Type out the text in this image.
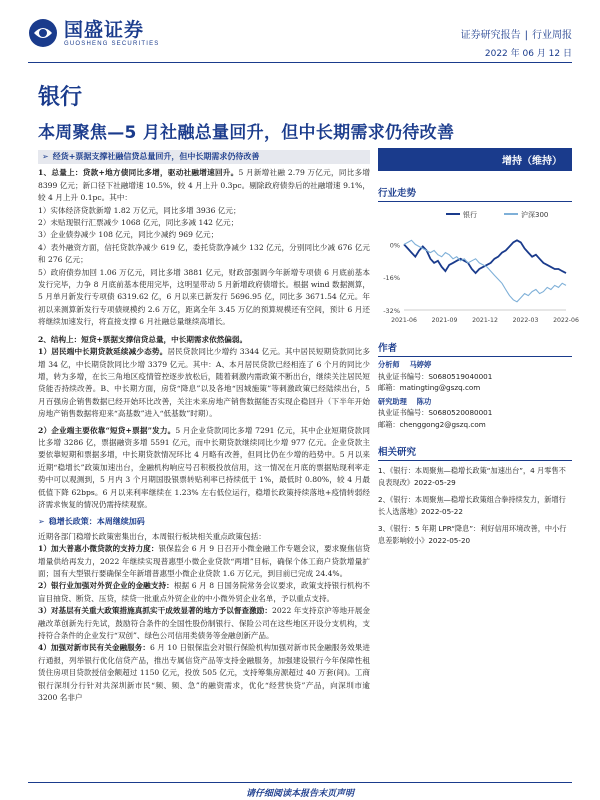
国盛证券
GUOSHENG SECURITIES
证券研究报告 | 行业周报
2022 年 06 月 12 日
银行
本周聚焦—5 月社融总量回升，但中长期需求仍待改善
➢ 经货+票据支撑社融信贷总量回升，但中长期需求仍待改善
1、总量上：贷款+地方债同比多增，驱动社融增速回升。5 月新增社融 2.79 万亿元，同比多增 8399 亿元；新口径下社融增速 10.5%，较 4 月上升 0.3pc。剔除政府债券后的社融增速 9.1%，较 4 月上升 0.1pc。其中：
1）实体经济贷款新增 1.82 万亿元，同比多增 3936 亿元；
2）未贴现银行汇票减少 1068 亿元，同比多减 142 亿元；
3）企业债券减少 108 亿元，同比少减约 969 亿元；
4）表外融资方面，信托贷款净减少 619 亿，委托贷款净减少 132 亿元，分别同比少减 676 亿元和 276 亿元；
5）政府债券加回 1.06 万亿元，同比多增 3881 亿元，财政部强调今年新增专项债 6 月底前基本发行完毕，力争 8 月底前基本使用完毕，这明显带动 5 月新增政府债增长。根据 wind 数据测算，5 月单月新发行专项债 6319.62 亿，6 月以来已新发行 5696.95 亿，同比多 3671.54 亿元。年初以来测算新发行专项债规模约 2.6 万亿，距离全年 3.45 万亿的预算规模还有空间，预计 6 月还将继续加速发行，将直接支撑 6 月社融总量继续高增长。
2、结构上：短贷+票据支撑信贷总量，中长期需求依然偏弱。
1）居民端中长期贷款延续减少态势。居民贷款同比少增约 3344 亿元。其中居民短期贷款同比多增 34 亿，中长期贷款同比少增 3379 亿元。其中：A、本月居民贷款已经相连了 6 个月的同比少增，转为多增，在长三角地区疫情管控逐步放松后，随着刺激内需政策不断出台，继续关注居民短贷能否持续改善。B、中长期方面，房贷“降息”以及各地“因城施策”等刺激政策已经陆续出台，5 月百强房企销售数据已经开始环比改善，关注未来房地产销售数据能否实现企稳回升（下半年开始房地产销售数据将迎来“高基数”进入“低基数”时期）。
2）企业端主要依靠“短贷+票据”发力。5 月企业贷款同比多增 7291 亿元，其中企业短期贷款同比多增 3286 亿，票据融资多增 5591 亿元，而中长期贷款继续同比少增 977 亿元。企业贷款主要依靠短期和票据多增，中长期贷款情况环比 4 月略有改善，但同比仍在少增的趋势中。5 月以来近期“稳增长”政策加速出台，金融机构响应号召积极投放信用，这一情况在月底的票据贴现利率走势中可以观测到，5 月内 3 个月期国股银票转贴利率已持续低于 1%，最低时 0.80%，较 4 月最低值下降 62bps。6 月以来利率继续在 1.23% 左右低位运行，稳增长政策持续落地+疫情转弱经济需求恢复的情况仍需持续观察。
➢ 稳增长政策：本周继续加码
近期各部门稳增长政策密集出台，本周银行板块相关重点政策包括：
1）加大普惠小微贷款的支持力度：银保监会 6 月 9 日召开小微金融工作专题会议，要求聚焦信贷增量供给再发力，2022 年继续实现普惠型小微企业贷款“两增”目标，确保个体工商户贷款增量扩面；国有大型银行要确保全年新增普惠型小微企业贷款 1.6 万亿元，到目前已完成 24.4%。
2）银行业加强对外贸企业的金融支持：根据 6 月 8 日国务院常务会议要求，政策支持银行机构不盲目抽贷、断贷、压贷，续贷一批重点外贸企业的中小微外贸企业名单，予以重点支持。
3）对基层有关重大政策措施真抓实干成效显著的地方予以督查激励：2022 年支持京沪等地开展金融改革创新先行先试，鼓励符合条件的全国性股份制银行、保险公司在这些地区开设分支机构，支持符合条件的企业发行“双创”、绿色公司信用类债务等金融创新产品。
4）加强对新市民有关金融服务：6 月 10 日银保监会对银行保险机构加强对新市民金融服务效果进行通报，列举银行优化信贷产品，推出专属信贷产品等支持金融服务，加强建设银行今年保障性租赁住房项目贷款授信金额超过 1150 亿元，投放 505 亿元，支持筹集房源超过 40 万套(间)。工商银行深圳分行针对共深圳新市民“频、频、急”的融资需求，优化“经营快贷”产品，向深圳市逾 3200 名非户
增持（维持）
行业走势
银行	沪深300
0%
-16%
-32%
2021-06 2021-09 2021-12 2022-03 2022-06
作者
分析师 马婷婷
执业证书编号：S0680519040001
邮箱：matingting@gszq.com
研究助理 陈功
执业证书编号：S0680520080001
邮箱：chenggong2@gszq.com
相关研究
1、《银行：本周聚焦—稳增长政策“加速出台”，4 月零售不良表现改》2022-05-29
2、《银行：本周聚焦—稳增长政策组合拳持续发力，新增行长人选落地》2022-05-22
3、《银行：5 年期 LPR“降息”：利好信用环境改善，中小行息差影响较小》2022-05-20
请仔细阅读本报告末页声明
